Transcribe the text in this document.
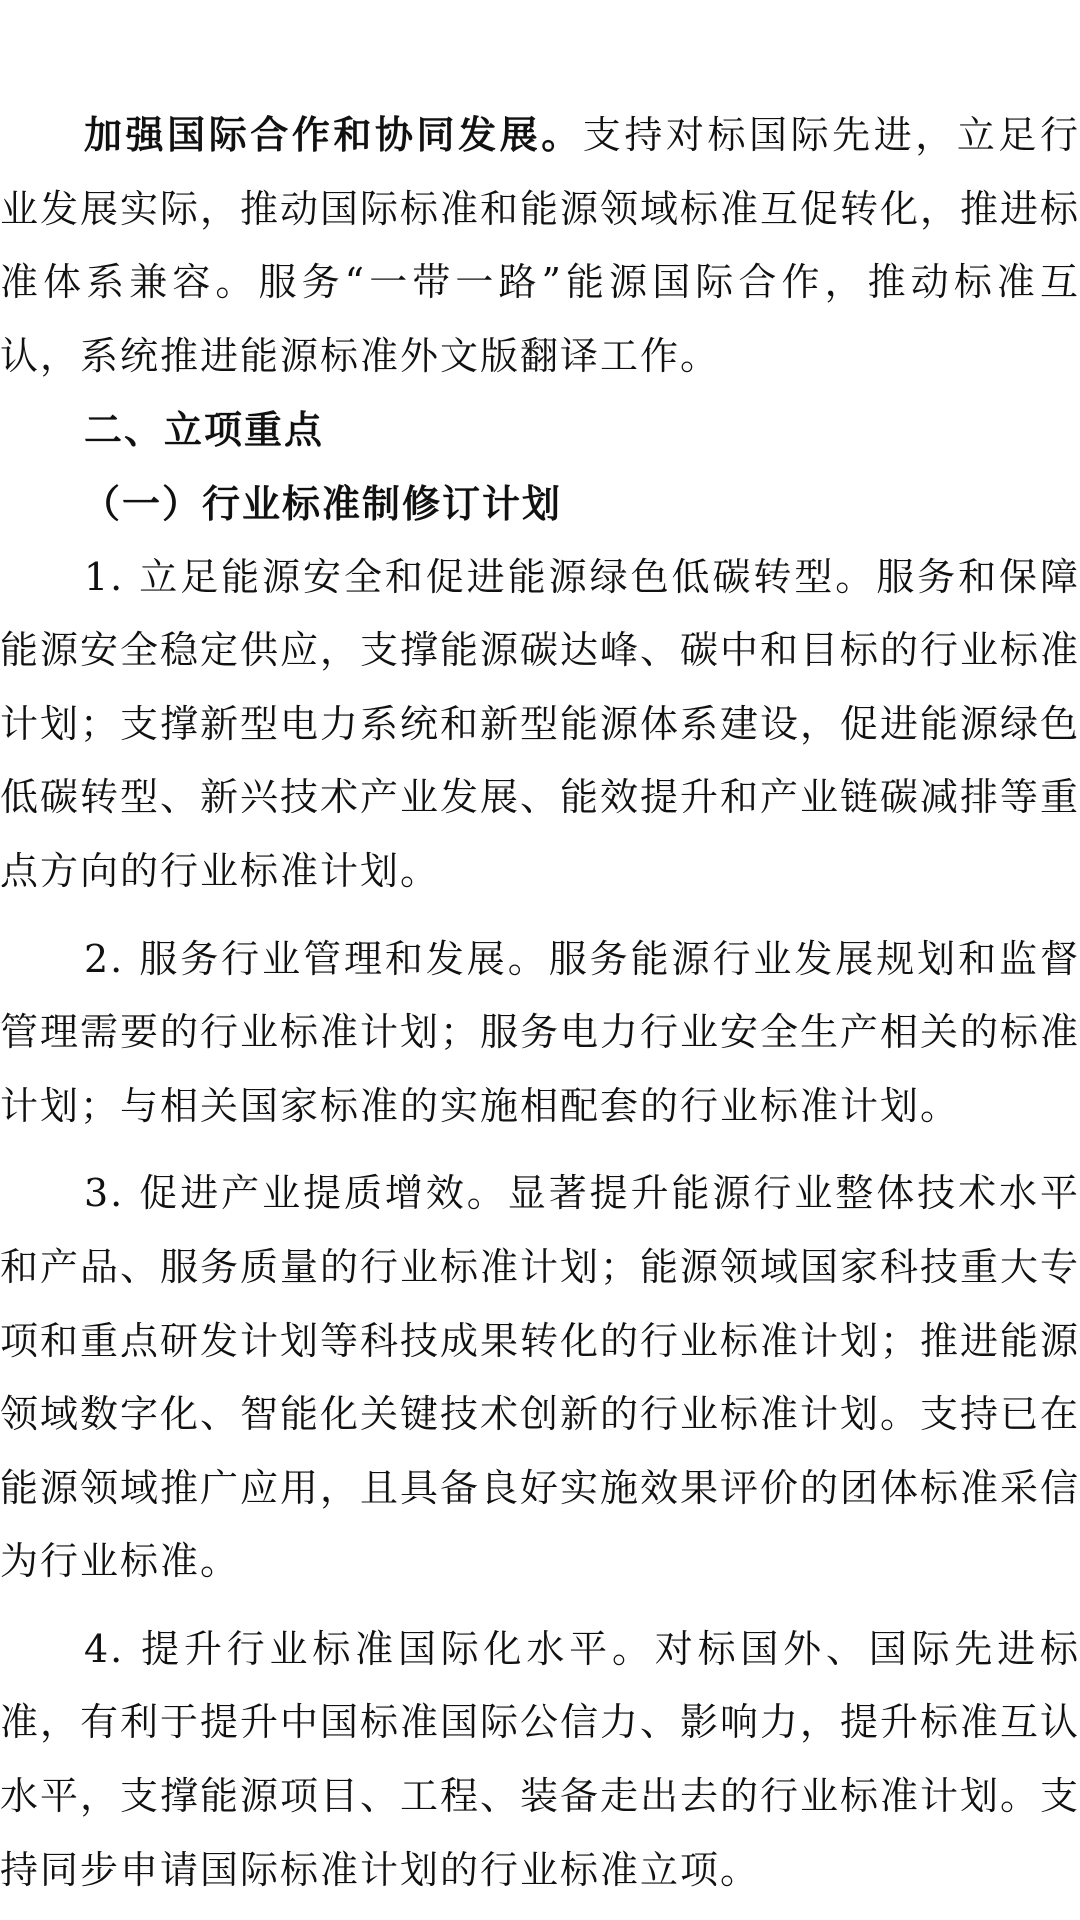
加强国际合作和协同发展。支持对标国际先进，立足行业发展实际，推动国际标准和能源领域标准互促转化，推进标准体系兼容。服务“一带一路”能源国际合作，推动标准互认，系统推进能源标准外文版翻译工作。

二、立项重点

（一）行业标准制修订计划

1. 立足能源安全和促进能源绿色低碳转型。服务和保障能源安全稳定供应，支撑能源碳达峰、碳中和目标的行业标准计划；支撑新型电力系统和新型能源体系建设，促进能源绿色低碳转型、新兴技术产业发展、能效提升和产业链碳减排等重点方向的行业标准计划。

2. 服务行业管理和发展。服务能源行业发展规划和监督管理需要的行业标准计划；服务电力行业安全生产相关的标准计划；与相关国家标准的实施相配套的行业标准计划。

3. 促进产业提质增效。显著提升能源行业整体技术水平和产品、服务质量的行业标准计划；能源领域国家科技重大专项和重点研发计划等科技成果转化的行业标准计划；推进能源领域数字化、智能化关键技术创新的行业标准计划。支持已在能源领域推广应用，且具备良好实施效果评价的团体标准采信为行业标准。

4. 提升行业标准国际化水平。对标国外、国际先进标准，有利于提升中国标准国际公信力、影响力，提升标准互认水平，支撑能源项目、工程、装备走出去的行业标准计划。支持同步申请国际标准计划的行业标准立项。
